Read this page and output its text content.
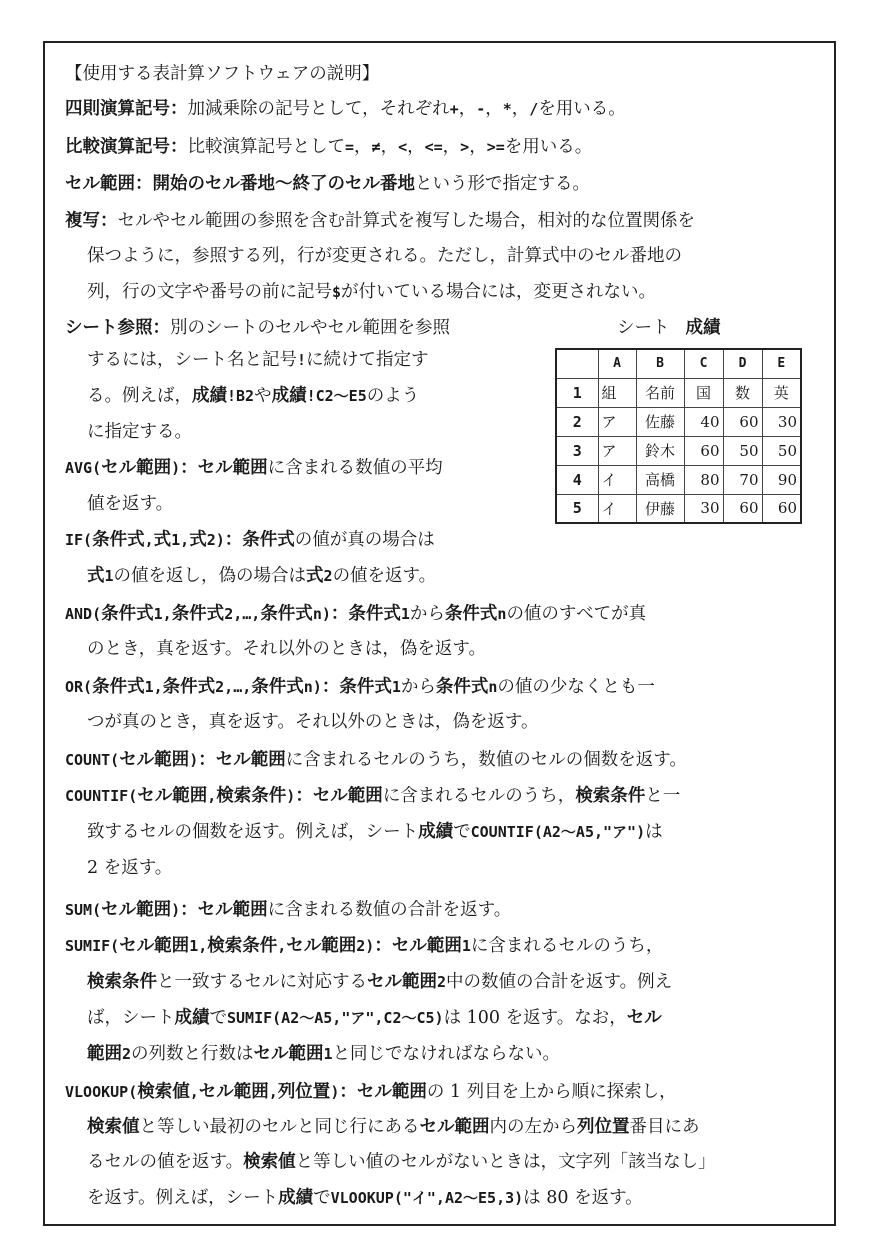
【使用する表計算ソフトウェアの説明】
四則演算記号：加減乗除の記号として，それぞれ+，-，*，/を用いる。
比較演算記号：比較演算記号として=，≠，<，<=，>，>=を用いる。
セル範囲：開始のセル番地～終了のセル番地という形で指定する。
複写：セルやセル範囲の参照を含む計算式を複写した場合，相対的な位置関係を
保つように，参照する列，行が変更される。ただし，計算式中のセル番地の
列，行の文字や番号の前に記号$が付いている場合には，変更されない。
シート参照：別のシートのセルやセル範囲を参照
するには，シート名と記号!に続けて指定す
る。例えば，成績!B2や成績!C2～E5のよう
に指定する。
AVG(セル範囲)：セル範囲に含まれる数値の平均
値を返す。
IF(条件式,式1,式2)：条件式の値が真の場合は
式1の値を返し，偽の場合は式2の値を返す。
AND(条件式1,条件式2,…,条件式n)：条件式1から条件式nの値のすべてが真
のとき，真を返す。それ以外のときは，偽を返す。
OR(条件式1,条件式2,…,条件式n)：条件式1から条件式nの値の少なくとも一
つが真のとき，真を返す。それ以外のときは，偽を返す。
COUNT(セル範囲)：セル範囲に含まれるセルのうち，数値のセルの個数を返す。
COUNTIF(セル範囲,検索条件)：セル範囲に含まれるセルのうち，検索条件と一
致するセルの個数を返す。例えば，シート成績でCOUNTIF(A2～A5,"ア")は
2 を返す。
SUM(セル範囲)：セル範囲に含まれる数値の合計を返す。
SUMIF(セル範囲1,検索条件,セル範囲2)：セル範囲1に含まれるセルのうち，
検索条件と一致するセルに対応するセル範囲2中の数値の合計を返す。例え
ば，シート成績でSUMIF(A2～A5,"ア",C2～C5)は 100 を返す。なお，セル
範囲2の列数と行数はセル範囲1と同じでなければならない。
VLOOKUP(検索値,セル範囲,列位置)：セル範囲の 1 列目を上から順に探索し，
検索値と等しい最初のセルと同じ行にあるセル範囲内の左から列位置番目にあ
るセルの値を返す。検索値と等しい値のセルがないときは，文字列「該当なし」
を返す。例えば，シート成績でVLOOKUP("イ",A2～E5,3)は 80 を返す。
シート 成績
	A	B	C	D	E
1	組	名前	国	数	英
2	ア	佐藤	40	60	30
3	ア	鈴木	60	50	50
4	イ	高橋	80	70	90
5	イ	伊藤	30	60	60
